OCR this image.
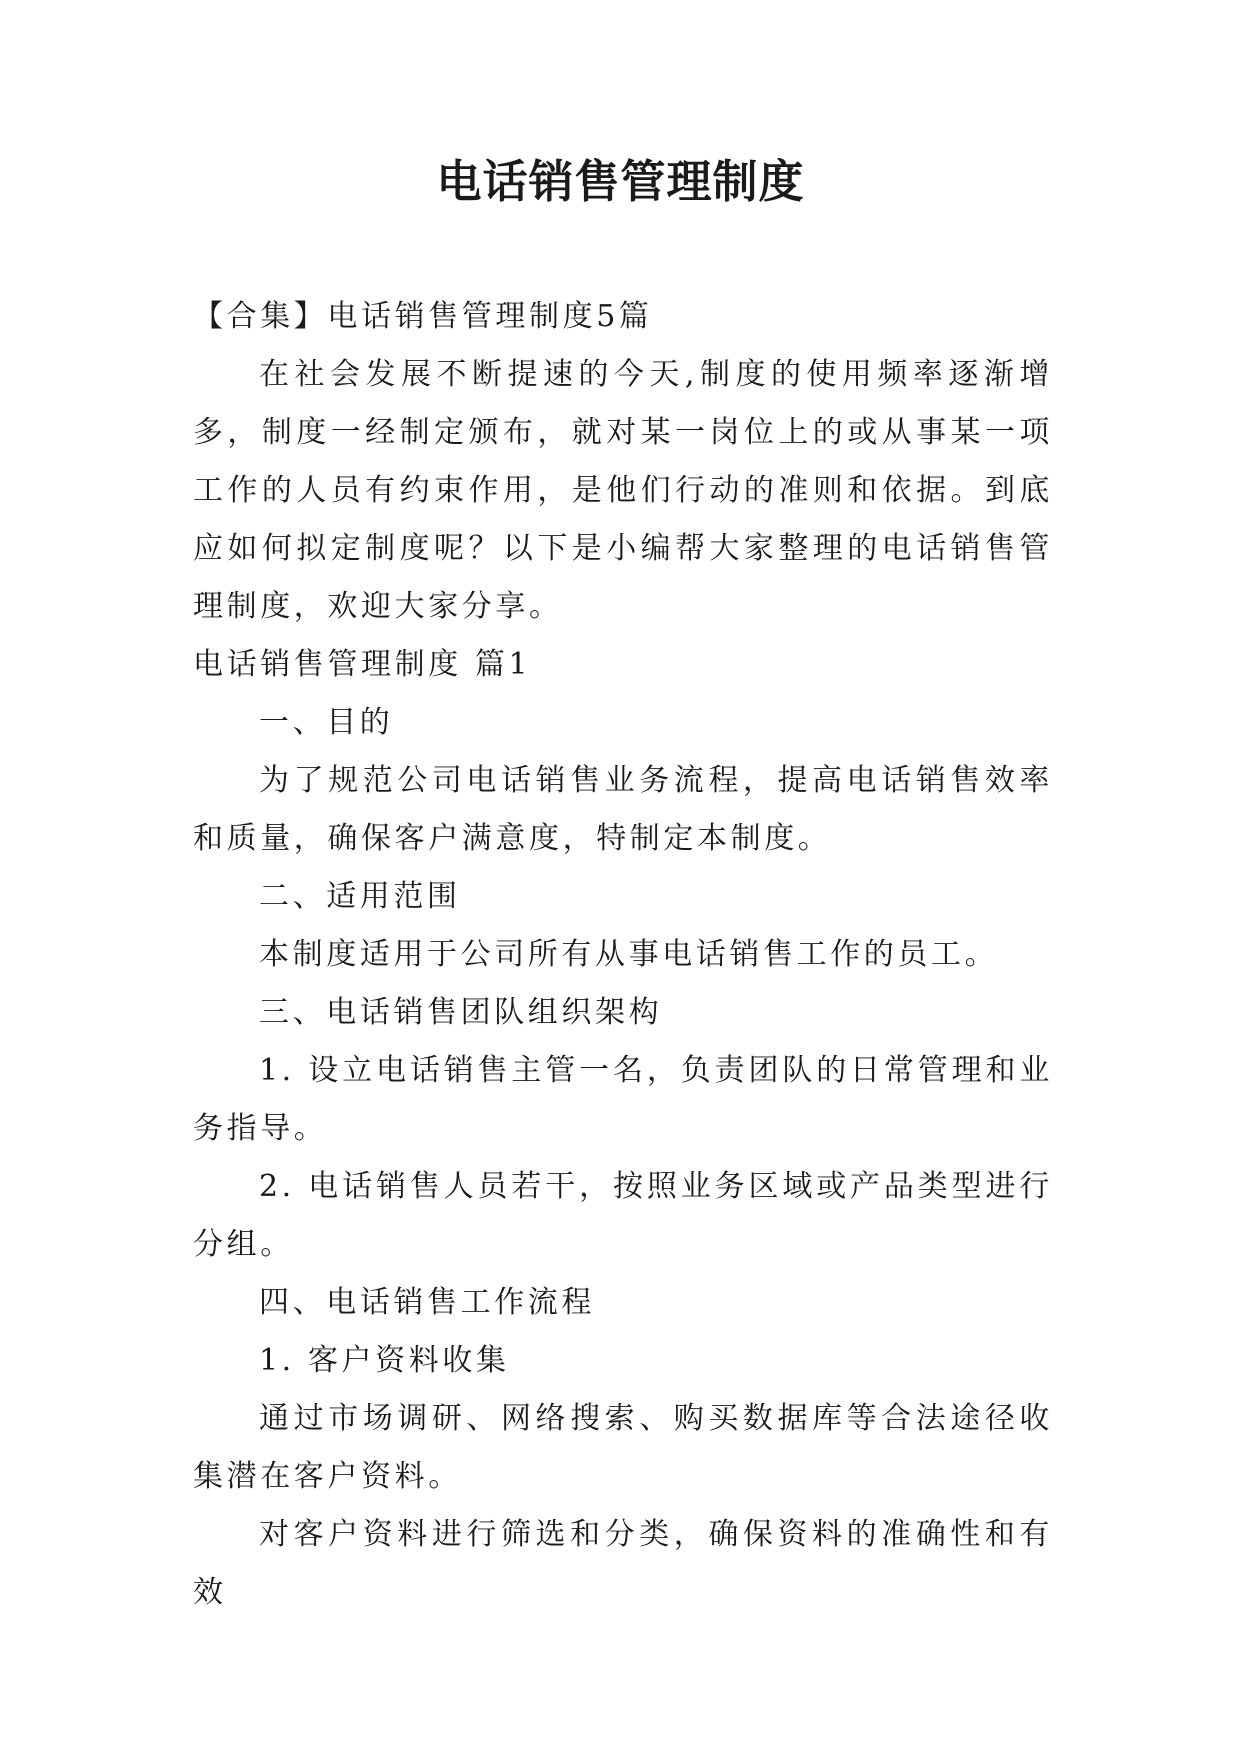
电话销售管理制度

【合集】电话销售管理制度5篇

在社会发展不断提速的今天,制度的使用频率逐渐增多，制度一经制定颁布，就对某一岗位上的或从事某一项工作的人员有约束作用，是他们行动的准则和依据。到底应如何拟定制度呢？以下是小编帮大家整理的电话销售管理制度，欢迎大家分享。

电话销售管理制度 篇1

一、目的

为了规范公司电话销售业务流程，提高电话销售效率和质量，确保客户满意度，特制定本制度。

二、适用范围

本制度适用于公司所有从事电话销售工作的员工。

三、电话销售团队组织架构

1. 设立电话销售主管一名，负责团队的日常管理和业务指导。

2. 电话销售人员若干，按照业务区域或产品类型进行分组。

四、电话销售工作流程

1. 客户资料收集

通过市场调研、网络搜索、购买数据库等合法途径收集潜在客户资料。

对客户资料进行筛选和分类，确保资料的准确性和有效
